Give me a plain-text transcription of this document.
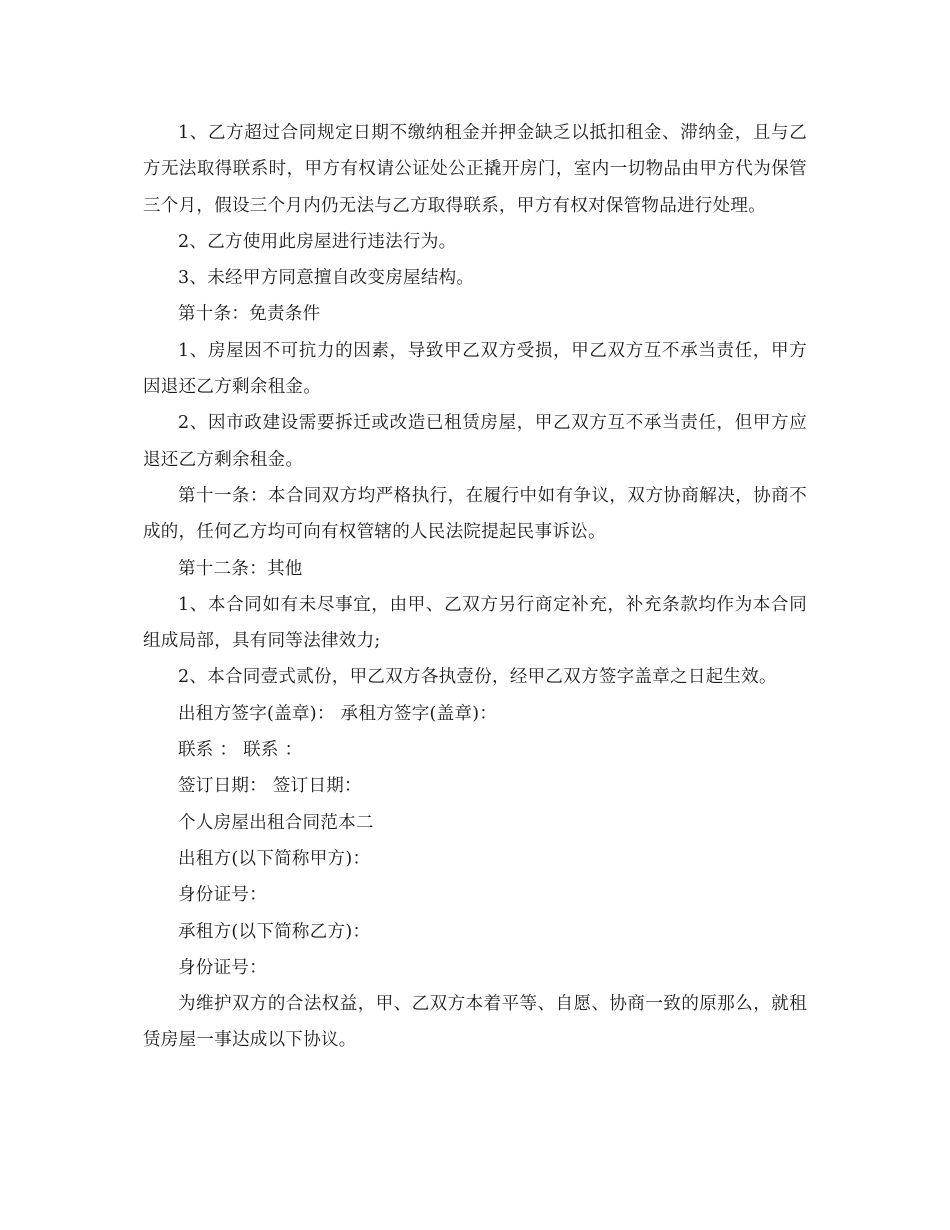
1、乙方超过合同规定日期不缴纳租金并押金缺乏以抵扣租金、滞纳金，且与乙方无法取得联系时，甲方有权请公证处公正撬开房门，室内一切物品由甲方代为保管三个月，假设三个月内仍无法与乙方取得联系，甲方有权对保管物品进行处理。

2、乙方使用此房屋进行违法行为。

3、未经甲方同意擅自改变房屋结构。

第十条：免责条件

1、房屋因不可抗力的因素，导致甲乙双方受损，甲乙双方互不承当责任，甲方因退还乙方剩余租金。

2、因市政建设需要拆迁或改造已租赁房屋，甲乙双方互不承当责任，但甲方应退还乙方剩余租金。

第十一条：本合同双方均严格执行，在履行中如有争议，双方协商解决，协商不成的，任何乙方均可向有权管辖的人民法院提起民事诉讼。

第十二条：其他

1、本合同如有未尽事宜，由甲、乙双方另行商定补充，补充条款均作为本合同组成局部，具有同等法律效力;

2、本合同壹式贰份，甲乙双方各执壹份，经甲乙双方签字盖章之日起生效。

出租方签字(盖章)： 承租方签字(盖章)：

联系 ： 联系 ：

签订日期： 签订日期：

个人房屋出租合同范本二

出租方(以下简称甲方)：

身份证号：

承租方(以下简称乙方)：

身份证号：

为维护双方的合法权益，甲、乙双方本着平等、自愿、协商一致的原那么，就租赁房屋一事达成以下协议。
